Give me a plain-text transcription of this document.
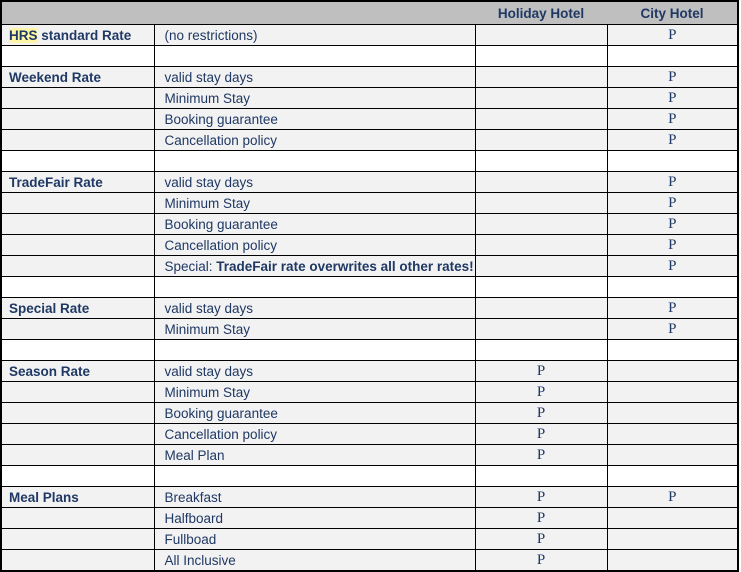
		Holiday Hotel	City Hotel
HRS standard Rate	(no restrictions)		P

Weekend Rate	valid stay days		P
	Minimum Stay		P
	Booking guarantee		P
	Cancellation policy		P

TradeFair Rate	valid stay days		P
	Minimum Stay		P
	Booking guarantee		P
	Cancellation policy		P
	Special: TradeFair rate overwrites all other rates!		P

Special Rate	valid stay days		P
	Minimum Stay		P

Season Rate	valid stay days	P	
	Minimum Stay	P	
	Booking guarantee	P	
	Cancellation policy	P	
	Meal Plan	P	

Meal Plans	Breakfast	P	P
	Halfboard	P	
	Fullboad	P	
	All Inclusive	P	
